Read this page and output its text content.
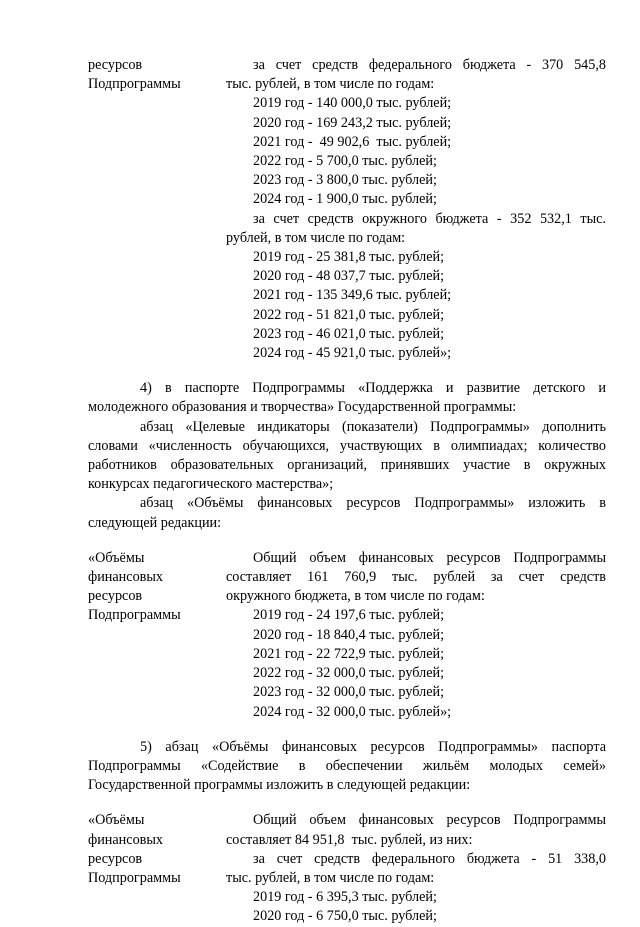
ресурсов
Подпрограммы
за счет средств федерального бюджета - 370 545,8
тыс. рублей, в том числе по годам:
2019 год - 140 000,0 тыс. рублей;
2020 год - 169 243,2 тыс. рублей;
2021 год -  49 902,6  тыс. рублей;
2022 год - 5 700,0 тыс. рублей;
2023 год - 3 800,0 тыс. рублей;
2024 год - 1 900,0 тыс. рублей;
за счет средств окружного бюджета - 352 532,1 тыс.
рублей, в том числе по годам:
2019 год - 25 381,8 тыс. рублей;
2020 год - 48 037,7 тыс. рублей;
2021 год - 135 349,6 тыс. рублей;
2022 год - 51 821,0 тыс. рублей;
2023 год - 46 021,0 тыс. рублей;
2024 год - 45 921,0 тыс. рублей»;
4) в паспорте Подпрограммы «Поддержка и развитие детского и
молодежного образования и творчества» Государственной программы:
абзац «Целевые индикаторы (показатели) Подпрограммы» дополнить
словами «численность обучающихся, участвующих в олимпиадах; количество
работников образовательных организаций, принявших участие в окружных
конкурсах педагогического мастерства»;
абзац «Объёмы финансовых ресурсов Подпрограммы» изложить в
следующей редакции:
«Объёмы
финансовых
ресурсов
Подпрограммы
Общий объем финансовых ресурсов Подпрограммы
составляет 161 760,9 тыс. рублей за счет средств
окружного бюджета, в том числе по годам:
2019 год - 24 197,6 тыс. рублей;
2020 год - 18 840,4 тыс. рублей;
2021 год - 22 722,9 тыс. рублей;
2022 год - 32 000,0 тыс. рублей;
2023 год - 32 000,0 тыс. рублей;
2024 год - 32 000,0 тыс. рублей»;
5) абзац «Объёмы финансовых ресурсов Подпрограммы» паспорта
Подпрограммы «Содействие в обеспечении жильём молодых семей»
Государственной программы изложить в следующей редакции:
«Объёмы
финансовых
ресурсов
Подпрограммы
Общий объем финансовых ресурсов Подпрограммы
составляет 84 951,8  тыс. рублей, из них:
за счет средств федерального бюджета - 51 338,0
тыс. рублей, в том числе по годам:
2019 год - 6 395,3 тыс. рублей;
2020 год - 6 750,0 тыс. рублей;
